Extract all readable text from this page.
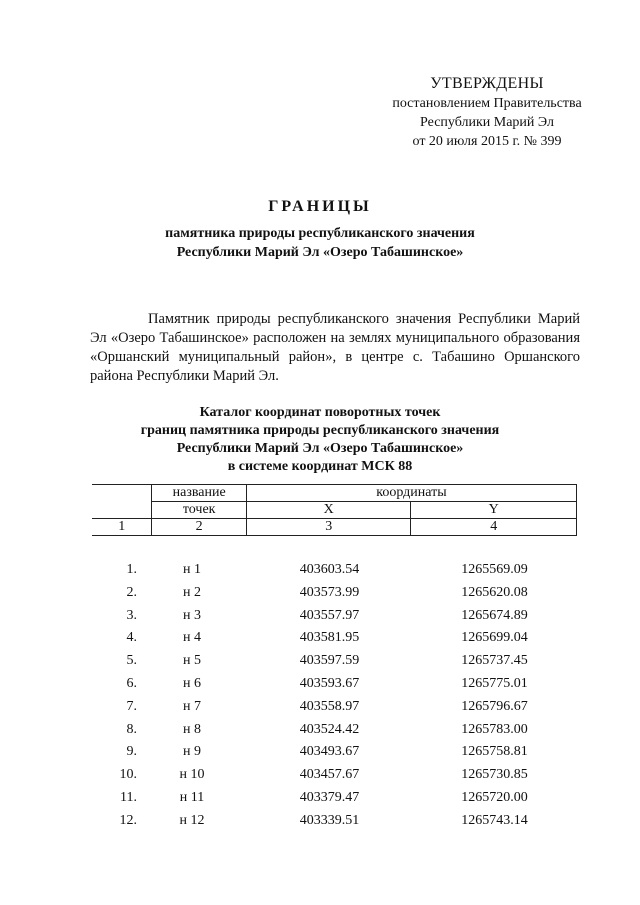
УТВЕРЖДЕНЫ
постановлением Правительства
Республики Марий Эл
от 20 июля 2015 г. № 399
ГРАНИЦЫ
памятника природы республиканского значения
Республики Марий Эл «Озеро Табашинское»
Памятник природы республиканского значения Республики Марий Эл «Озеро Табашинское» расположен на землях муниципального образования «Оршанский муниципальный район», в центре с. Табашино Оршанского района Республики Марий Эл.
Каталог координат поворотных точек
границ памятника природы республиканского значения
Республики Марий Эл «Озеро Табашинское»
в системе координат МСК 88
	название	координаты	
	точек	X	Y
1	2	3	4
1.	н 1	403603.54	1265569.09
2.	н 2	403573.99	1265620.08
3.	н 3	403557.97	1265674.89
4.	н 4	403581.95	1265699.04
5.	н 5	403597.59	1265737.45
6.	н 6	403593.67	1265775.01
7.	н 7	403558.97	1265796.67
8.	н 8	403524.42	1265783.00
9.	н 9	403493.67	1265758.81
10.	н 10	403457.67	1265730.85
11.	н 11	403379.47	1265720.00
12.	н 12	403339.51	1265743.14
